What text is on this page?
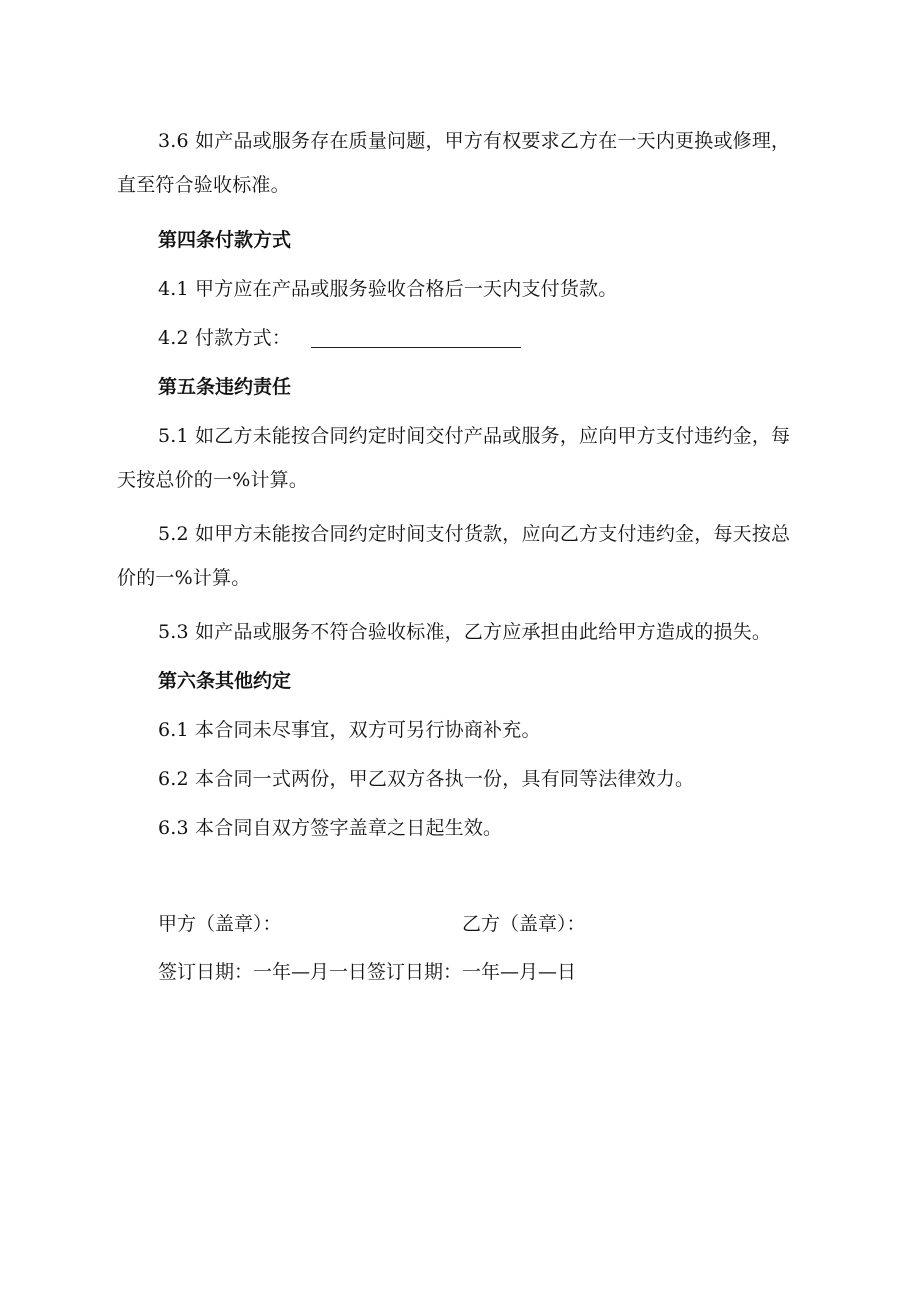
3.6 如产品或服务存在质量问题，甲方有权要求乙方在一天内更换或修理，直至符合验收标准。

第四条付款方式

4.1 甲方应在产品或服务验收合格后一天内支付货款。

4.2 付款方式：

第五条违约责任

5.1 如乙方未能按合同约定时间交付产品或服务，应向甲方支付违约金，每天按总价的一%计算。

5.2 如甲方未能按合同约定时间支付货款，应向乙方支付违约金，每天按总价的一%计算。

5.3 如产品或服务不符合验收标准，乙方应承担由此给甲方造成的损失。

第六条其他约定

6.1 本合同未尽事宜，双方可另行协商补充。

6.2 本合同一式两份，甲乙双方各执一份，具有同等法律效力。

6.3 本合同自双方签字盖章之日起生效。

甲方（盖章）：	乙方（盖章）：

签订日期：一年—月一日签订日期：一年—月—日
